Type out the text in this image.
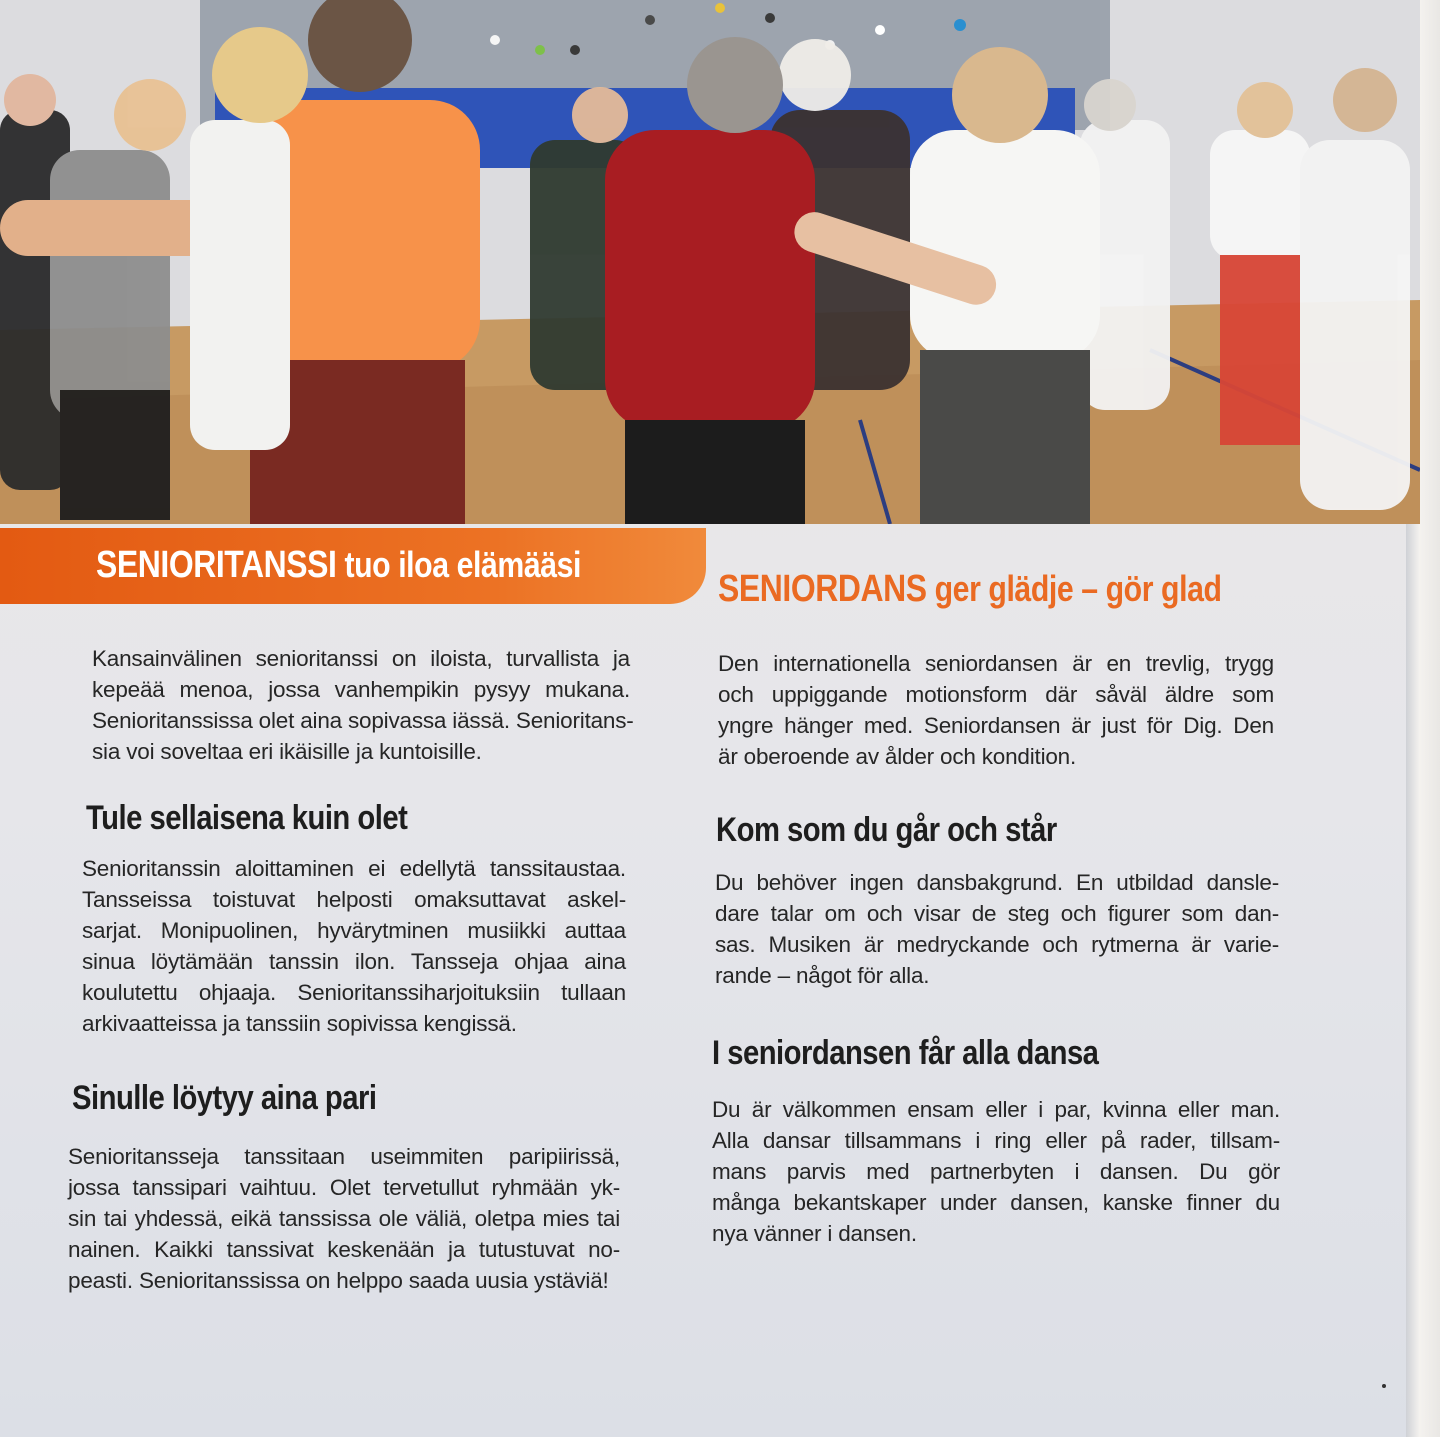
SENIORITANSSI tuo iloa elämääsi
Kansainvälinen senioritanssi on iloista, turvallista ja
kepeää menoa, jossa vanhempikin pysyy mukana.
Senioritanssissa olet aina sopivassa iässä. Senioritans-
sia voi soveltaa eri ikäisille ja kuntoisille.
Tule sellaisena kuin olet
Senioritanssin aloittaminen ei edellytä tanssitaustaa.
Tansseissa toistuvat helposti omaksuttavat askel-
sarjat. Monipuolinen, hyvärytminen musiikki auttaa
sinua löytämään tanssin ilon. Tansseja ohjaa aina
koulutettu ohjaaja. Senioritanssiharjoituksiin tullaan
arkivaatteissa ja tanssiin sopivissa kengissä.
Sinulle löytyy aina pari
Senioritansseja tanssitaan useimmiten paripiirissä,
jossa tanssipari vaihtuu. Olet tervetullut ryhmään yk-
sin tai yhdessä, eikä tanssissa ole väliä, oletpa mies tai
nainen. Kaikki tanssivat keskenään ja tutustuvat no-
peasti. Senioritanssissa on helppo saada uusia ystäviä!
SENIORDANS ger glädje – gör glad
Den internationella seniordansen är en trevlig, trygg
och uppiggande motionsform där såväl äldre som
yngre hänger med. Seniordansen är just för Dig. Den
är oberoende av ålder och kondition.
Kom som du går och står
Du behöver ingen dansbakgrund. En utbildad dansle-
dare talar om och visar de steg och figurer som dan-
sas. Musiken är medryckande och rytmerna är varie-
rande – något för alla.
I seniordansen får alla dansa
Du är välkommen ensam eller i par, kvinna eller man.
Alla dansar tillsammans i ring eller på rader, tillsam-
mans parvis med partnerbyten i dansen. Du gör
många bekantskaper under dansen, kanske finner du
nya vänner i dansen.
